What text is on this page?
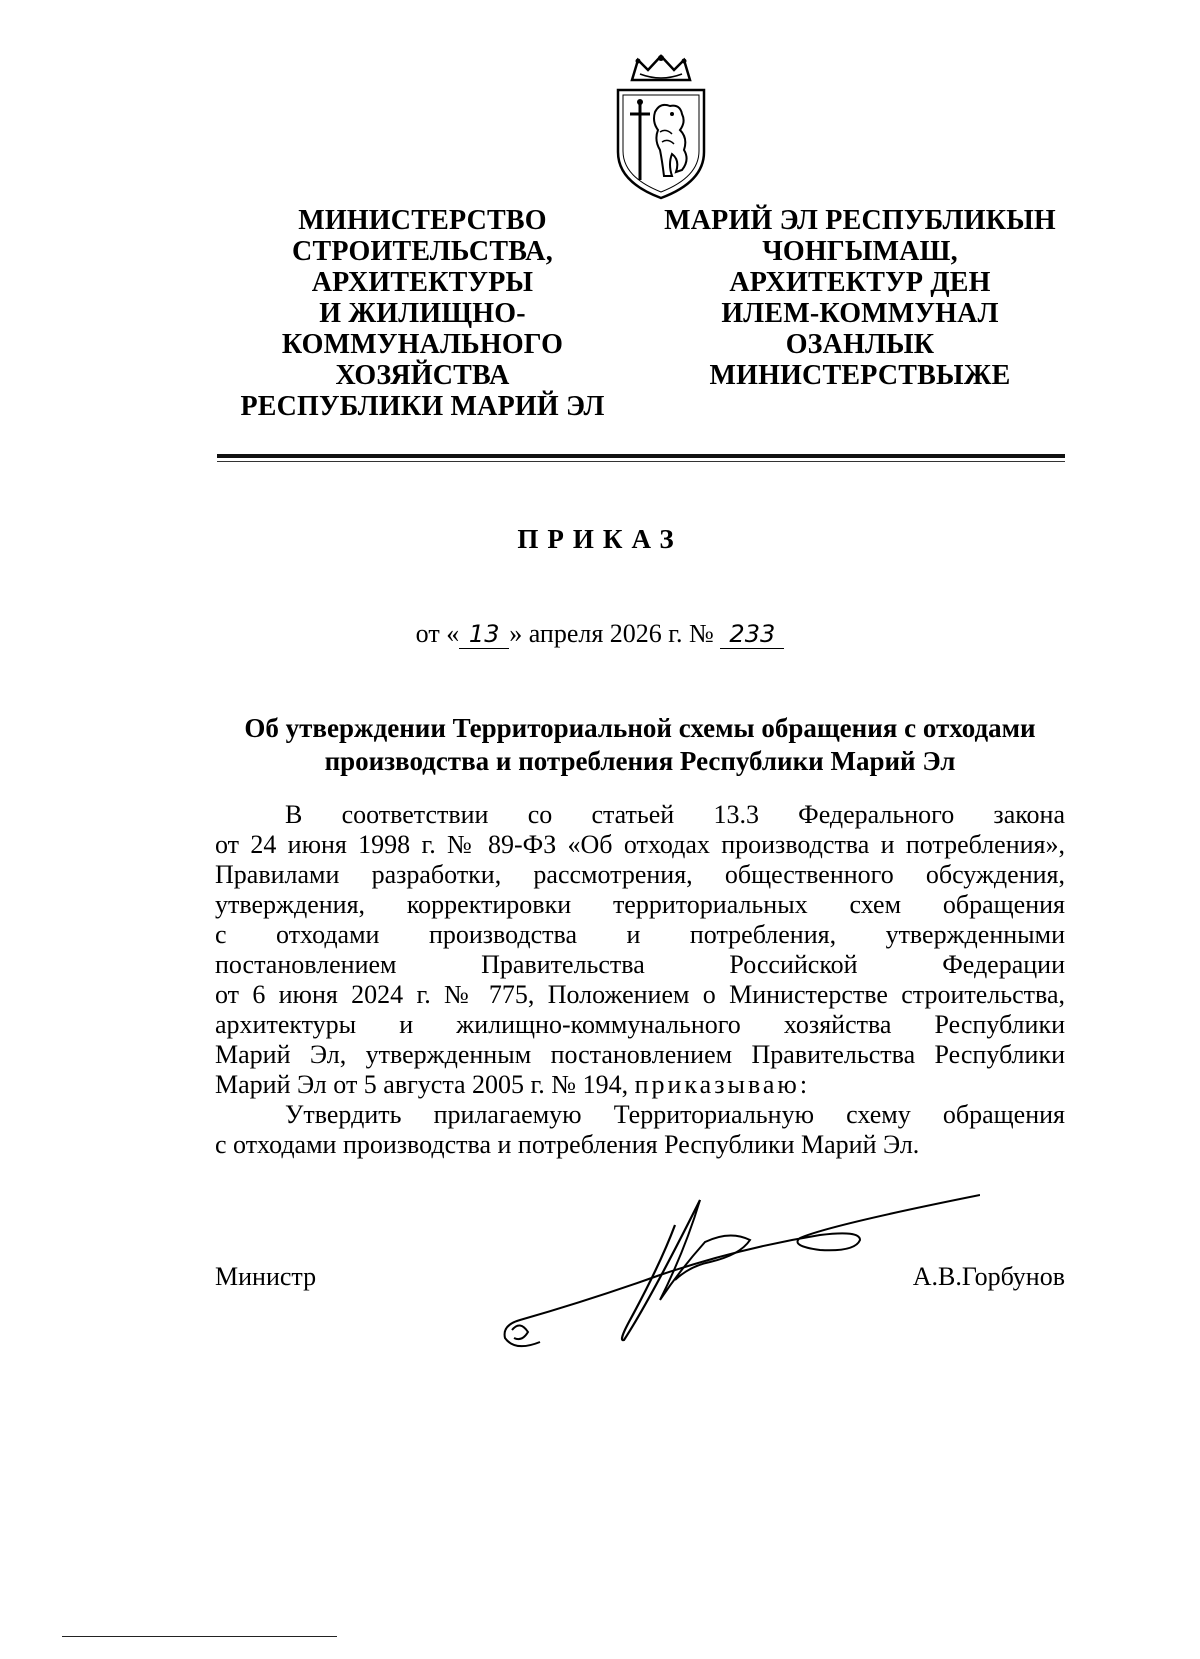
МИНИСТЕРСТВО
СТРОИТЕЛЬСТВА,
АРХИТЕКТУРЫ
И ЖИЛИЩНО-
КОММУНАЛЬНОГО
ХОЗЯЙСТВА
РЕСПУБЛИКИ МАРИЙ ЭЛ
МАРИЙ ЭЛ РЕСПУБЛИКЫН
ЧОНГЫМАШ,
АРХИТЕКТУР ДЕН
ИЛЕМ-КОММУНАЛ
ОЗАНЛЫК
МИНИСТЕРСТВЫЖЕ
ПРИКАЗ
от « 13 » апреля 2026 г. № 233
Об утверждении Территориальной схемы обращения с отходами
производства и потребления Республики Марий Эл
В соответствии со статьей 13.3 Федерального закона
от 24 июня 1998 г. № 89-ФЗ «Об отходах производства и потребления»,
Правилами разработки, рассмотрения, общественного обсуждения,
утверждения, корректировки территориальных схем обращения
с отходами производства и потребления, утвержденными
постановлением Правительства Российской Федерации
от 6 июня 2024 г. № 775, Положением о Министерстве строительства,
архитектуры и жилищно-коммунального хозяйства Республики
Марий Эл, утвержденным постановлением Правительства Республики
Марий Эл от 5 августа 2005 г. № 194, приказываю:
Утвердить прилагаемую Территориальную схему обращения
с отходами производства и потребления Республики Марий Эл.
Министр	А.В.Горбунов
